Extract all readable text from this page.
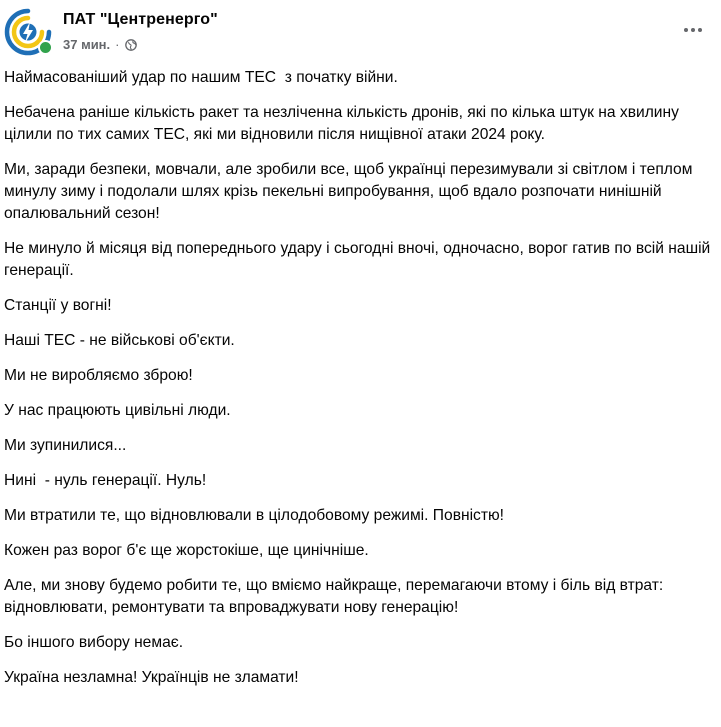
ПАТ "Центренерго"
37 мин. ·

Наймасованіший удар по нашим ТЕС  з початку війни.

Небачена раніше кількість ракет та незліченна кількість дронів, які по кілька штук на хвилину цілили по тих самих ТЕС, які ми відновили після нищівної атаки 2024 року.

Ми, заради безпеки, мовчали, але зробили все, щоб українці перезимували зі світлом і теплом минулу зиму і подолали шлях крізь пекельні випробування, щоб вдало розпочати нинішній опалювальний сезон!

Не минуло й місяця від попереднього удару і сьогодні вночі, одночасно, ворог гатив по всій нашій генерації.

Станції у вогні!

Наші ТЕС - не військові об'єкти.

Ми не виробляємо зброю!

У нас працюють цивільні люди.

Ми зупинилися...

Нині  - нуль генерації. Нуль!

Ми втратили те, що відновлювали в цілодобовому режимі. Повністю!

Кожен раз ворог б'є ще жорстокіше, ще цинічніше.

Але, ми знову будемо робити те, що вміємо найкраще, перемагаючи втому і біль від втрат: відновлювати, ремонтувати та впроваджувати нову генерацію!

Бо іншого вибору немає.

Україна незламна! Українців не зламати!
